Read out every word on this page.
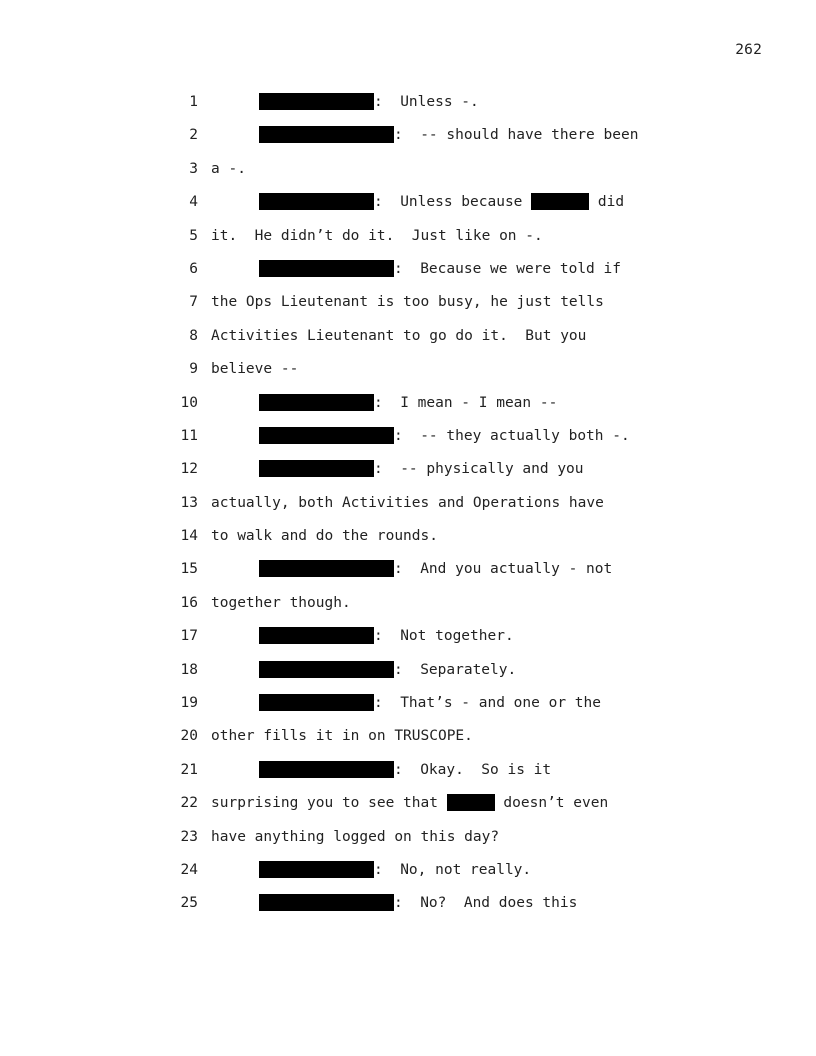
262

1

	:  Unless -.

2

	:  -- should have there been

3

a -.

4

	:  Unless because	did

5

it.  He didn’t do it.  Just like on -.

6

	:  Because we were told if

7

the Ops Lieutenant is too busy, he just tells

8

Activities Lieutenant to go do it.  But you

9

believe --

10

	:  I mean - I mean --

11

	:  -- they actually both -.

12

	:  -- physically and you

13

actually, both Activities and Operations have

14

to walk and do the rounds.

15

	:  And you actually - not

16

together though.

17

	:  Not together.

18

	:  Separately.

19

	:  That’s - and one or the

20

other fills it in on TRUSCOPE.

21

	:  Okay.  So is it

22

surprising you to see that	doesn’t even

23

have anything logged on this day?

24

	:  No, not really.

25

	:  No?  And does this
